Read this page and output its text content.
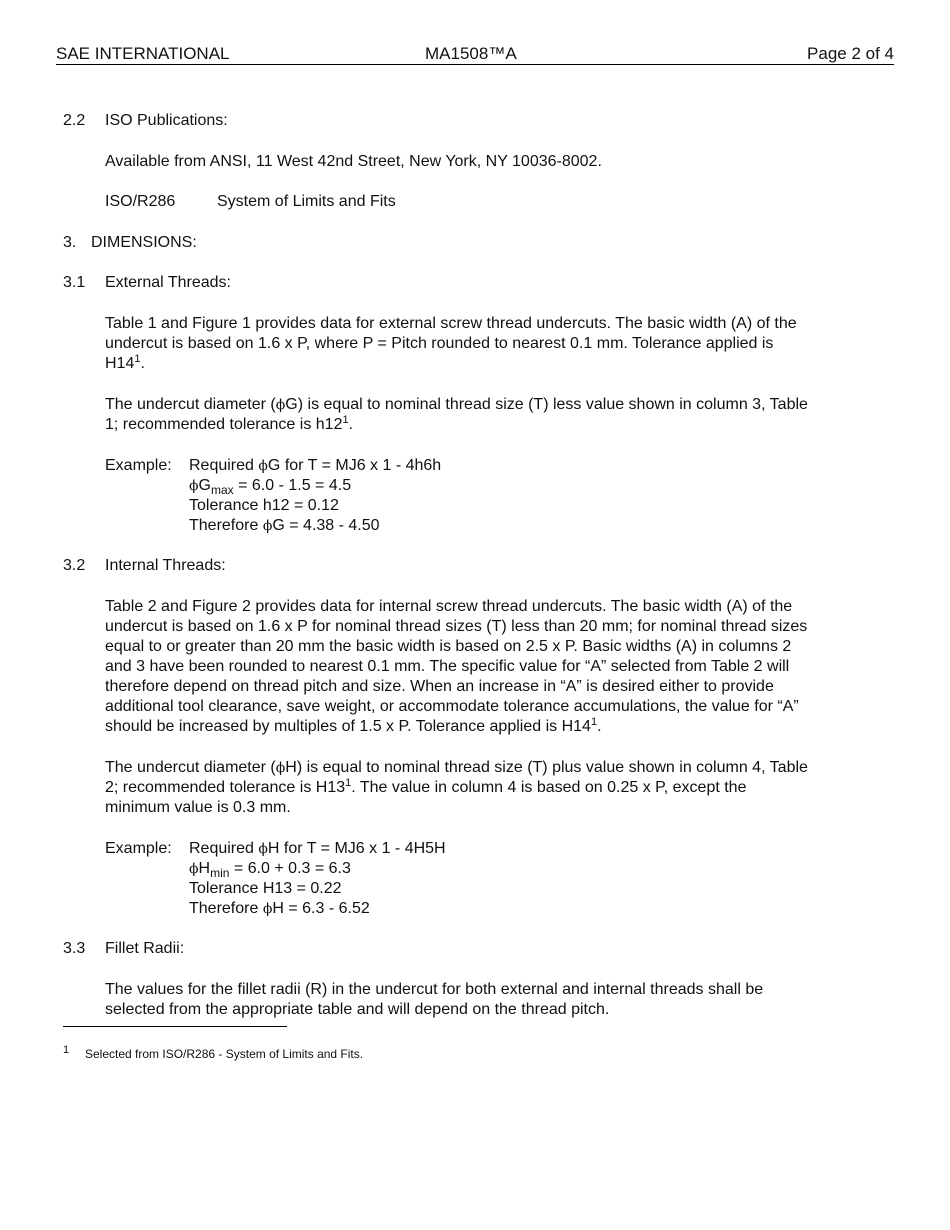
SAE INTERNATIONAL	MA1508™A	Page 2 of 4
2.2 ISO Publications:
Available from ANSI, 11 West 42nd Street, New York, NY 10036-8002.
ISO/R286	System of Limits and Fits
3. DIMENSIONS:
3.1 External Threads:
Table 1 and Figure 1 provides data for external screw thread undercuts. The basic width (A) of the
undercut is based on 1.6 x P, where P = Pitch rounded to nearest 0.1 mm. Tolerance applied is
$H14^1$.
The undercut diameter (ϕG) is equal to nominal thread size (T) less value shown in column 3, Table
1; recommended tolerance is $h12^1$.
Example: Required ϕG for T = MJ6 x 1 - 4h6h
$\phi G_{max} = 6.0 - 1.5 = 4.5$
Tolerance h12 = 0.12
Therefore ϕG = 4.38 - 4.50
3.2 Internal Threads:
Table 2 and Figure 2 provides data for internal screw thread undercuts. The basic width (A) of the
undercut is based on 1.6 x P for nominal thread sizes (T) less than 20 mm; for nominal thread sizes
equal to or greater than 20 mm the basic width is based on 2.5 x P. Basic widths (A) in columns 2
and 3 have been rounded to nearest 0.1 mm. The specific value for “A” selected from Table 2 will
therefore depend on thread pitch and size. When an increase in “A” is desired either to provide
additional tool clearance, save weight, or accommodate tolerance accumulations, the value for “A”
should be increased by multiples of 1.5 x P. Tolerance applied is $H14^1$.
The undercut diameter (ϕH) is equal to nominal thread size (T) plus value shown in column 4, Table
2; recommended tolerance is $H13^1$. The value in column 4 is based on 0.25 x P, except the
minimum value is 0.3 mm.
Example: Required ϕH for T = MJ6 x 1 - 4H5H
$\phi H_{min} = 6.0 + 0.3 = 6.3$
Tolerance H13 = 0.22
Therefore ϕH = 6.3 - 6.52
3.3 Fillet Radii:
The values for the fillet radii (R) in the undercut for both external and internal threads shall be
selected from the appropriate table and will depend on the thread pitch.
1 Selected from ISO/R286 - System of Limits and Fits.
